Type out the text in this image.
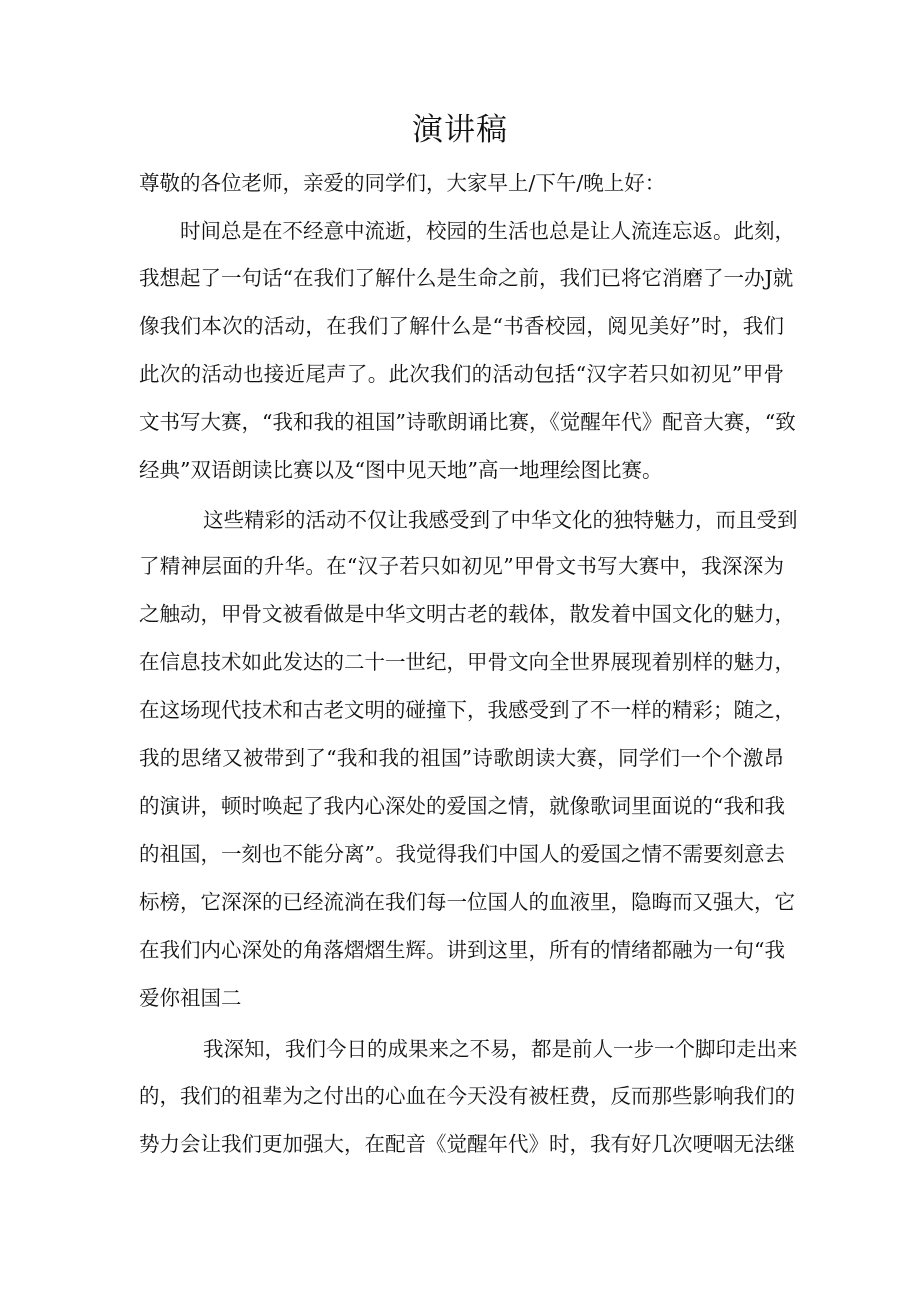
演讲稿
尊敬的各位老师，亲爱的同学们，大家早上/下午/晚上好：
时间总是在不经意中流逝，校园的生活也总是让人流连忘返。此刻，
我想起了一句话“在我们了解什么是生命之前，我们已将它消磨了一办J就
像我们本次的活动，在我们了解什么是“书香校园，阅见美好”时，我们
此次的活动也接近尾声了。此次我们的活动包括“汉字若只如初见”甲骨
文书写大赛，“我和我的祖国”诗歌朗诵比赛，《觉醒年代》配音大赛，“致
经典”双语朗读比赛以及“图中见天地”高一地理绘图比赛。
这些精彩的活动不仅让我感受到了中华文化的独特魅力，而且受到
了精神层面的升华。在“汉子若只如初见”甲骨文书写大赛中，我深深为
之触动，甲骨文被看做是中华文明古老的载体，散发着中国文化的魅力，
在信息技术如此发达的二十一世纪，甲骨文向全世界展现着别样的魅力，
在这场现代技术和古老文明的碰撞下，我感受到了不一样的精彩；随之，
我的思绪又被带到了“我和我的祖国”诗歌朗读大赛，同学们一个个激昂
的演讲，顿时唤起了我内心深处的爱国之情，就像歌词里面说的“我和我
的祖国，一刻也不能分离”。我觉得我们中国人的爱国之情不需要刻意去
标榜，它深深的已经流淌在我们每一位国人的血液里，隐晦而又强大，它
在我们内心深处的角落熠熠生辉。讲到这里，所有的情绪都融为一句“我
爱你祖国二
我深知，我们今日的成果来之不易，都是前人一步一个脚印走出来
的，我们的祖辈为之付出的心血在今天没有被枉费，反而那些影响我们的
势力会让我们更加强大，在配音《觉醒年代》时，我有好几次哽咽无法继
